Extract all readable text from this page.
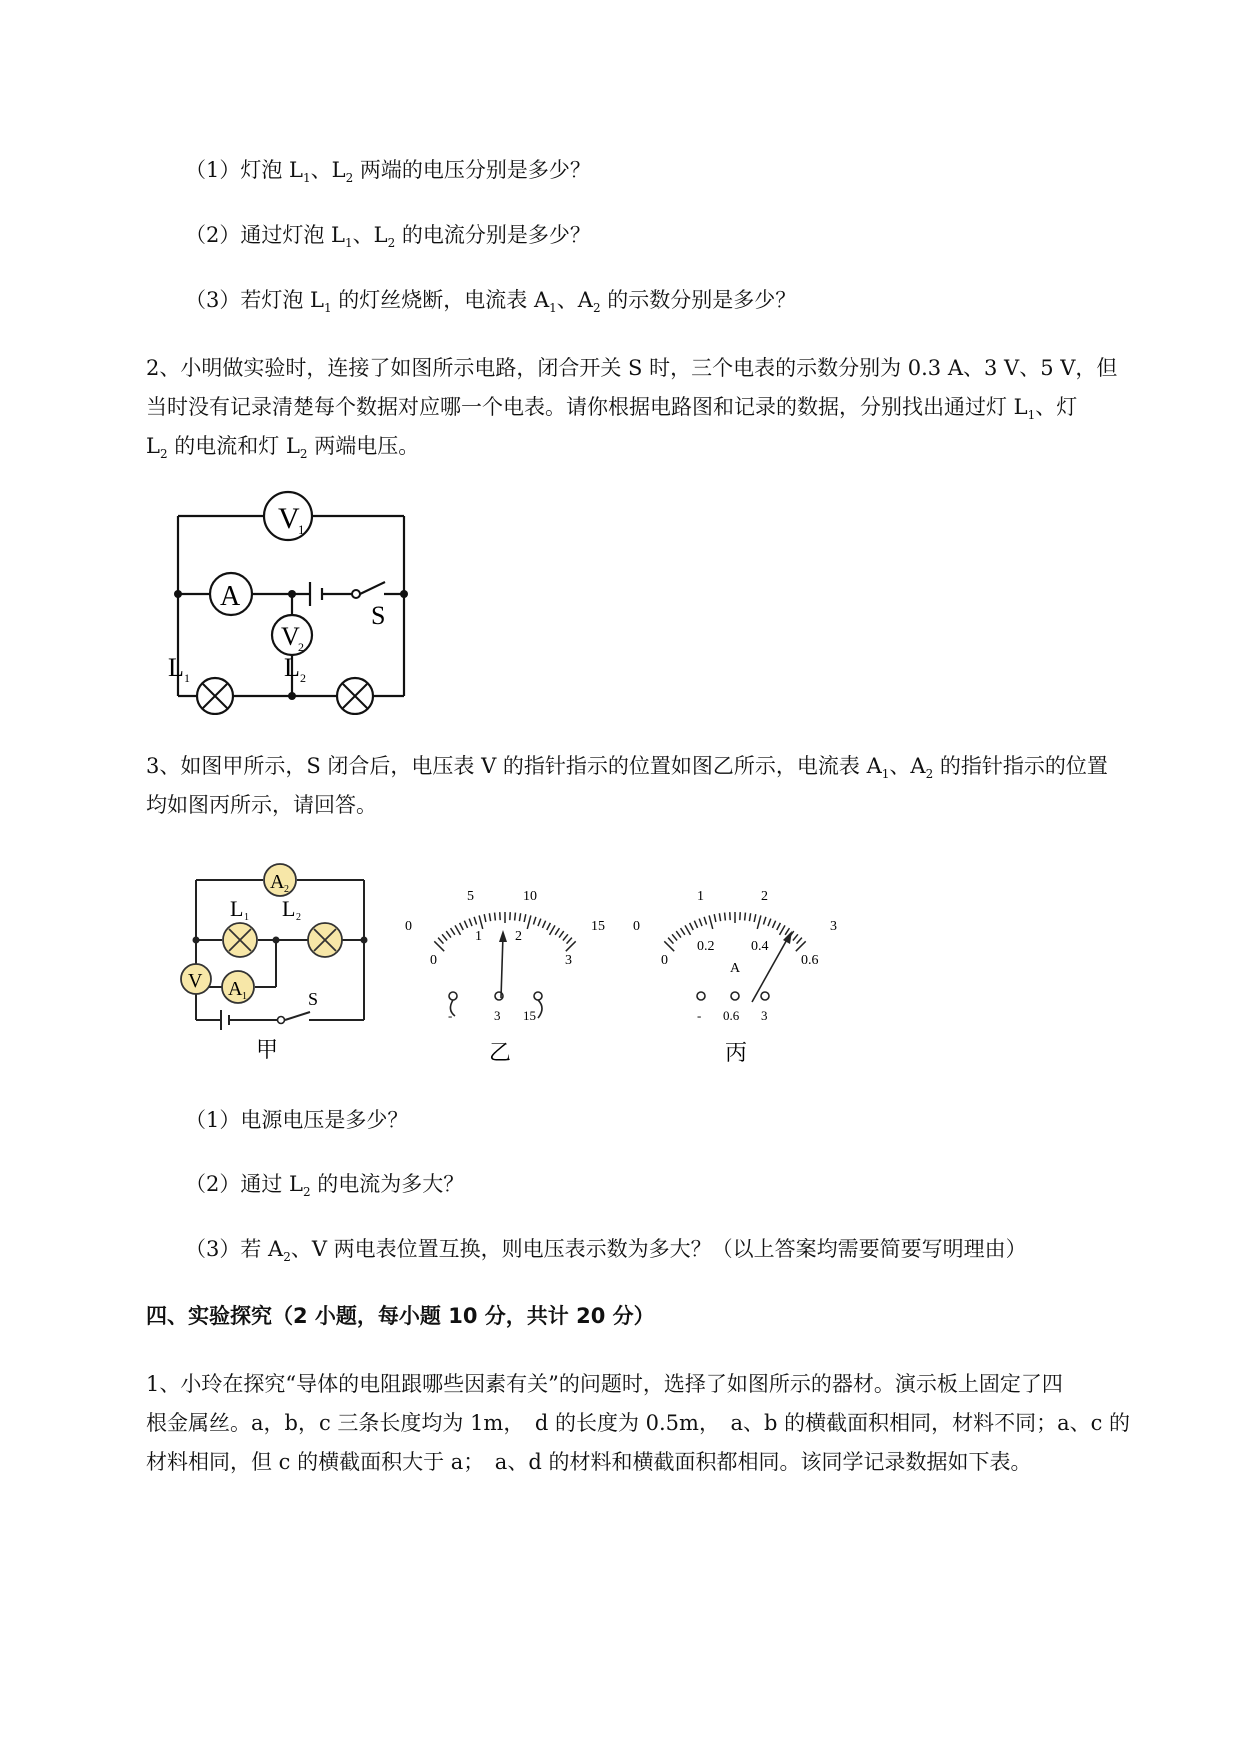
（1）灯泡 $L_1$、$L_2$ 两端的电压分别是多少？
（2）通过灯泡 $L_1$、$L_2$ 的电流分别是多少？
（3）若灯泡 $L_1$ 的灯丝烧断，电流表 $A_1$、$A_2$ 的示数分别是多少？
2、小明做实验时，连接了如图所示电路，闭合开关 S 时，三个电表的示数分别为 0.3 A、3 V、5 V，但
当时没有记录清楚每个数据对应哪一个电表。请你根据电路图和记录的数据，分别找出通过灯 $L_1$、灯
$L_2$ 的电流和灯 $L_2$ 两端电压。
V
1
A
S
V
2
L 1	L 2
3、如图甲所示，S 闭合后，电压表 V 的指针指示的位置如图乙所示，电流表 $A_1$、$A_2$ 的指针指示的位置
均如图丙所示，请回答。
A 2
L 1 L 2
V A 1	S
甲
0
5	10
15
0
1 2
3
-	3 15
乙
0
1	2
3
0
0.2	0.4
0.6
A
- 0.6 3
丙
（1）电源电压是多少？
（2）通过 $L_2$ 的电流为多大？
（3）若 $A_2$、V 两电表位置互换，则电压表示数为多大？（以上答案均需要简要写明理由）
四、实验探究（2 小题，每小题 10 分，共计 20 分）
1、小玲在探究“导体的电阻跟哪些因素有关”的问题时，选择了如图所示的器材。演示板上固定了四
根金属丝。a，b，c 三条长度均为 1m，　d 的长度为 0.5m，　a、b 的横截面积相同，材料不同；a、c 的
材料相同，但 c 的横截面积大于 a；　a、d 的材料和横截面积都相同。该同学记录数据如下表。
